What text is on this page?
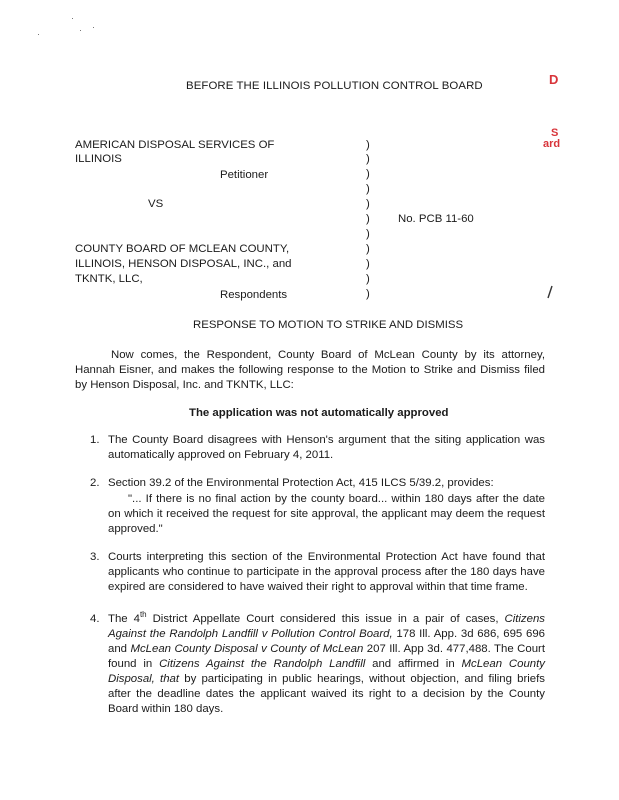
D
S
ard
BEFORE THE ILLINOIS POLLUTION CONTROL BOARD
AMERICAN DISPOSAL SERVICES OF
ILLINOIS
Petitioner
VS
COUNTY BOARD OF MCLEAN COUNTY,
ILLINOIS, HENSON DISPOSAL, INC., and
TKNTK, LLC,
Respondents
)
)
)
)
)
)
)
)
)
)
)
No. PCB 11-60
RESPONSE TO MOTION TO STRIKE AND DISMISS
Now comes, the Respondent, County Board of McLean County by its attorney, Hannah Eisner, and makes the following response to the Motion to Strike and Dismiss filed by Henson Disposal, Inc. and TKNTK, LLC:
The application was not automatically approved
1. The County Board disagrees with Henson's argument that the siting application was automatically approved on February 4, 2011.
2. Section 39.2 of the Environmental Protection Act, 415 ILCS 5/39.2, provides:
"... If there is no final action by the county board... within 180 days after the date on which it received the request for site approval, the applicant may deem the request approved."
3. Courts interpreting this section of the Environmental Protection Act have found that applicants who continue to participate in the approval process after the 180 days have expired are considered to have waived their right to approval within that time frame.
4. The 4th District Appellate Court considered this issue in a pair of cases, Citizens Against the Randolph Landfill v Pollution Control Board, 178 Ill. App. 3d 686, 695 696 and McLean County Disposal v County of McLean 207 Ill. App 3d. 477,488. The Court found in Citizens Against the Randolph Landfill and affirmed in McLean County Disposal, that by participating in public hearings, without objection, and filing briefs after the deadline dates the applicant waived its right to a decision by the County Board within 180 days.
